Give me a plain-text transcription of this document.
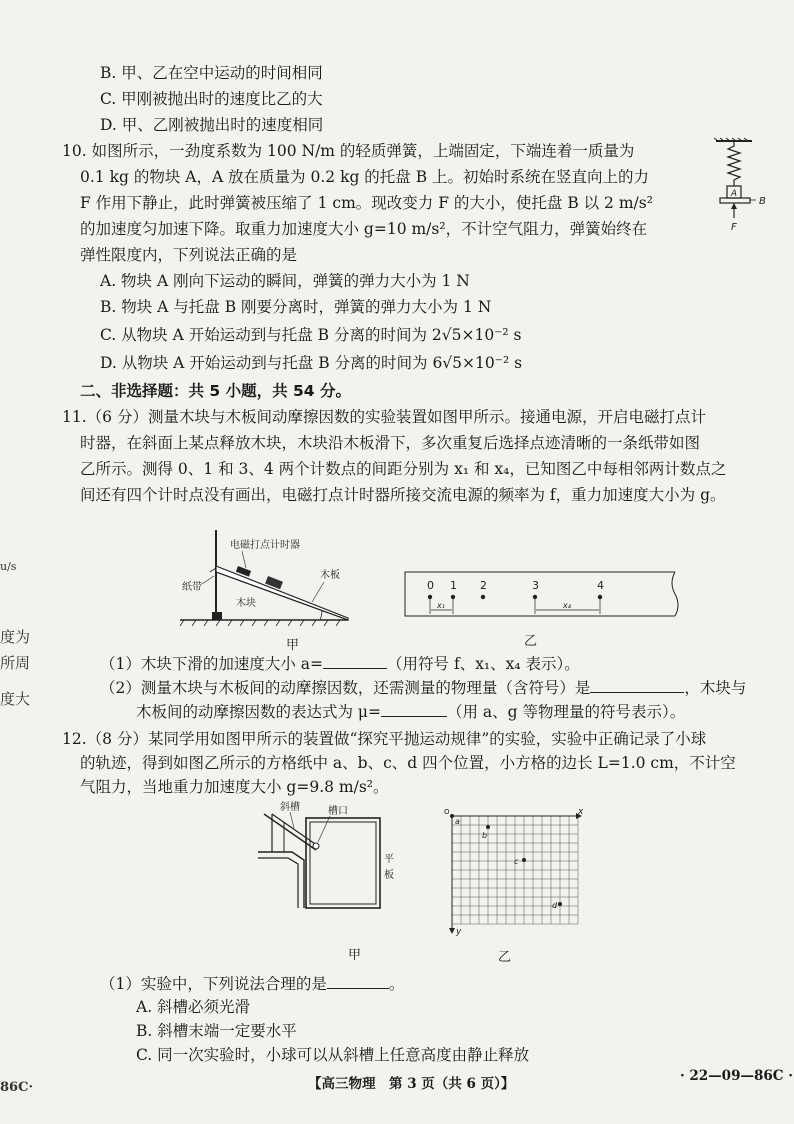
B. 甲、乙在空中运动的时间相同
C. 甲刚被抛出时的速度比乙的大
D. 甲、乙刚被抛出时的速度相同
10. 如图所示，一劲度系数为 100 N/m 的轻质弹簧，上端固定，下端连着一质量为
0.1 kg 的物块 A，A 放在质量为 0.2 kg 的托盘 B 上。初始时系统在竖直向上的力
F 作用下静止，此时弹簧被压缩了 1 cm。现改变力 F 的大小，使托盘 B 以 2 m/s²
的加速度匀加速下降。取重力加速度大小 g=10 m/s²，不计空气阻力，弹簧始终在
弹性限度内，下列说法正确的是
A. 物块 A 刚向下运动的瞬间，弹簧的弹力大小为 1 N
B. 物块 A 与托盘 B 刚要分离时，弹簧的弹力大小为 1 N
C. 从物块 A 开始运动到与托盘 B 分离的时间为 2√5×10⁻² s
D. 从物块 A 开始运动到与托盘 B 分离的时间为 6√5×10⁻² s
A
B
F
二、非选择题：共 5 小题，共 54 分。
11.（6 分）测量木块与木板间动摩擦因数的实验装置如图甲所示。接通电源，开启电磁打点计
时器，在斜面上某点释放木块，木块沿木板滑下，多次重复后选择点迹清晰的一条纸带如图
乙所示。测得 0、1 和 3、4 两个计数点的间距分别为 x₁ 和 x₄，已知图乙中每相邻两计数点之
间还有四个计时点没有画出，电磁打点计时器所接交流电源的频率为 f，重力加速度大小为 g。
电磁打点计时器
纸带
木板
木块
甲
0 1 2	3	4
x₁	x₄
乙
（1）木块下滑的加速度大小 a=	（用符号 f、x₁、x₄ 表示）。
（2）测量木块与木板间的动摩擦因数，还需测量的物理量（含符号）是	，木块与
木板间的动摩擦因数的表达式为 μ=	（用 a、g 等物理量的符号表示）。
12.（8 分）某同学用如图甲所示的装置做“探究平抛运动规律”的实验，实验中正确记录了小球
的轨迹，得到如图乙所示的方格纸中 a、b、c、d 四个位置，小方格的边长 L=1.0 cm，不计空
气阻力，当地重力加速度大小 g=9.8 m/s²。
斜槽	槽口
平
板
甲
x
y
O
a
b
c
d
乙
（1）实验中，下列说法合理的是	。
A. 斜槽必须光滑
B. 斜槽末端一定要水平
C. 同一次实验时，小球可以从斜槽上任意高度由静止释放
u/s
度为
所周
度大
86C·	【高三物理　第 3 页（共 6 页）】	· 22—09—86C ·
